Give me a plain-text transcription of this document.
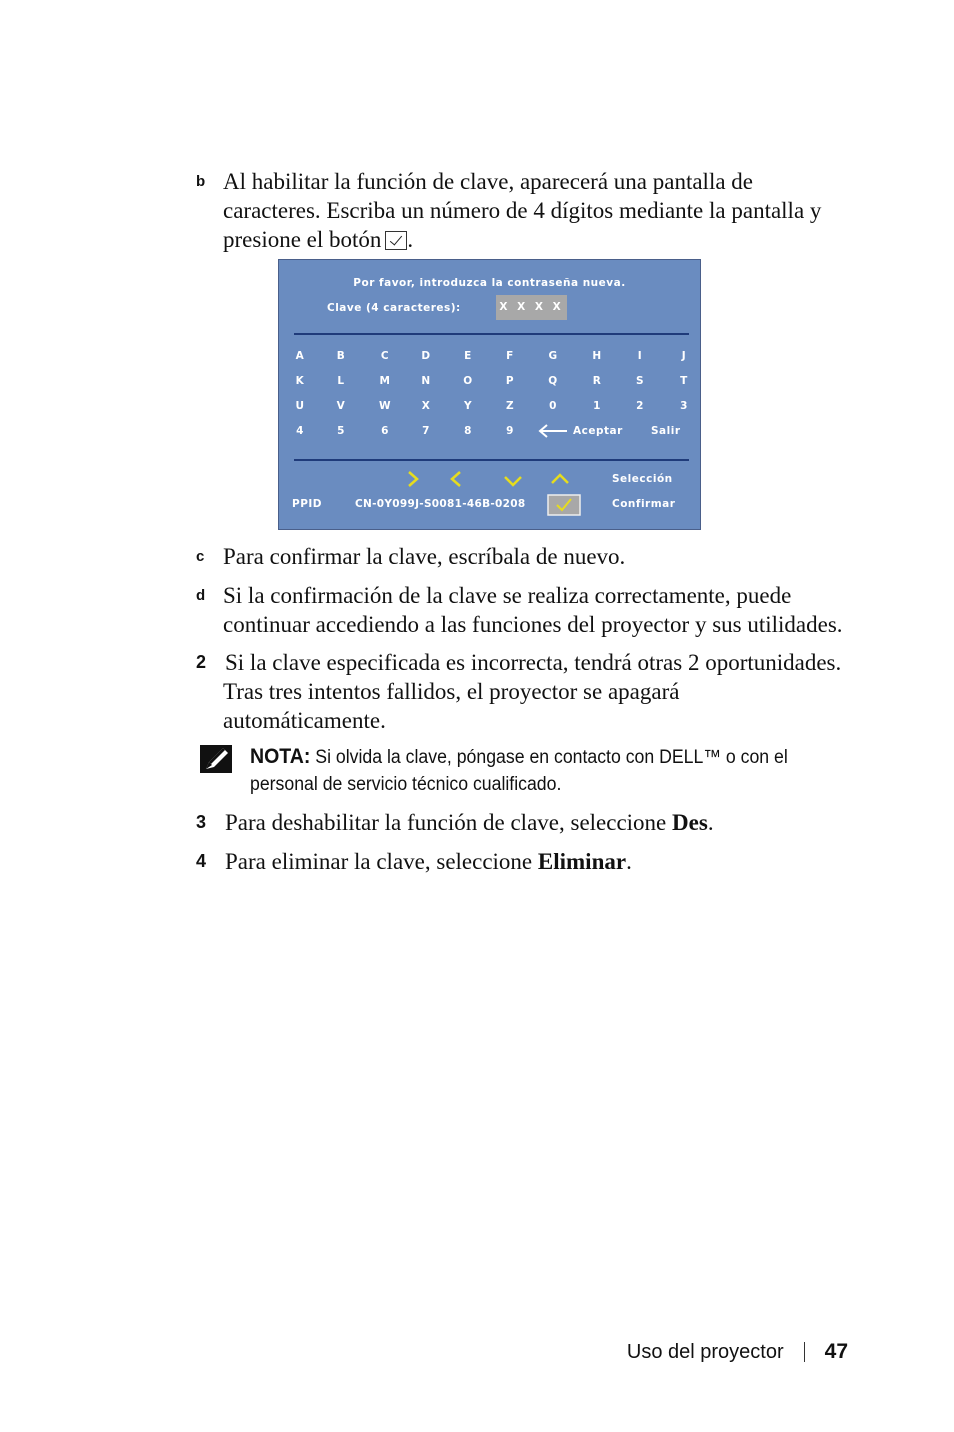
b Al habilitar la función de clave, aparecerá una pantalla de
caracteres. Escriba un número de 4 dígitos mediante la pantalla y
presione el botón .
Por favor, introduzca la contraseña nueva.
Clave (4 caracteres):	X X X X
A	B	C	D	E	F	G	H	I	J
K	L	M	N	O	P	Q	R	S	T
U	V	W	X	Y	Z	0	1	2	3
4	5	6	7	8	9	Aceptar	Salir
Selección
PPID	CN-0Y099J-S0081-46B-0208	Confirmar
c Para confirmar la clave, escríbala de nuevo.
d Si la confirmación de la clave se realiza correctamente, puede
continuar accediendo a las funciones del proyector y sus utilidades.
2 Si la clave especificada es incorrecta, tendrá otras 2 oportunidades.
Tras tres intentos fallidos, el proyector se apagará
automáticamente.
NOTA: Si olvida la clave, póngase en contacto con DELL™ o con el
personal de servicio técnico cualificado.
3 Para deshabilitar la función de clave, seleccione Des.
4 Para eliminar la clave, seleccione Eliminar.
Uso del proyector 47
